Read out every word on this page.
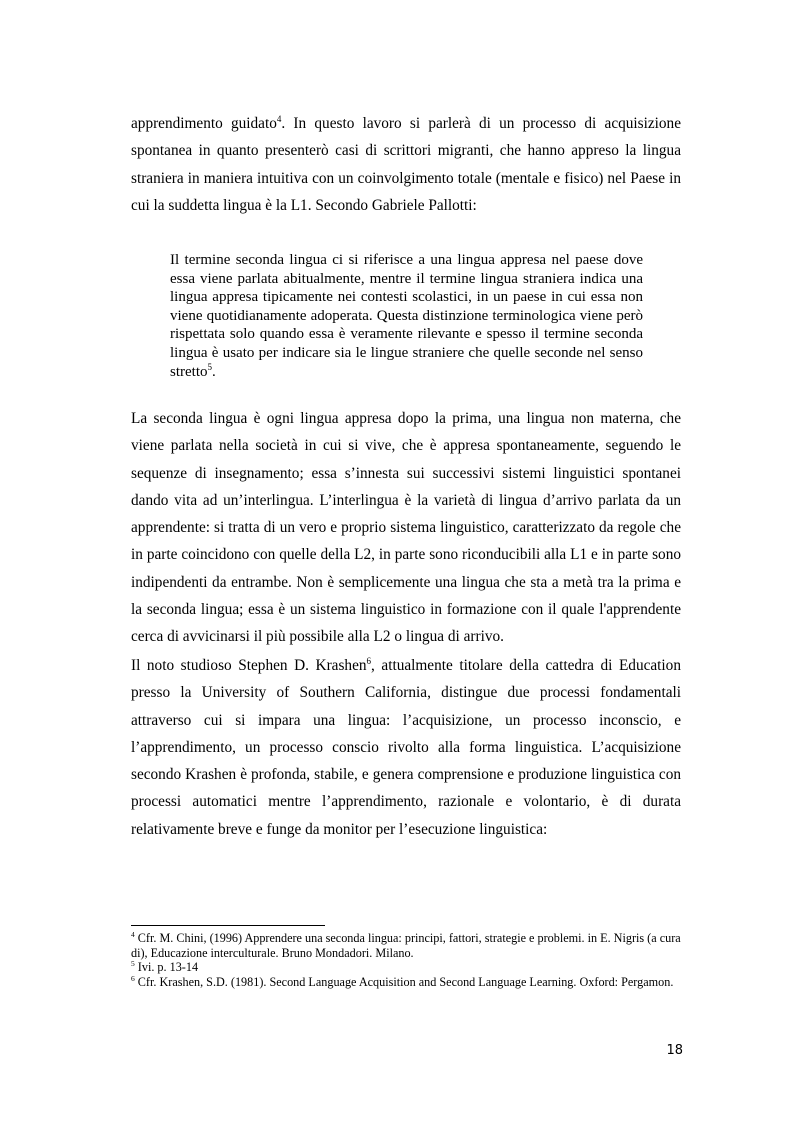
apprendimento guidato$^4$. In questo lavoro si parlerà di un processo di acquisizione spontanea in quanto presenterò casi di scrittori migranti, che hanno appreso la lingua straniera in maniera intuitiva con un coinvolgimento totale (mentale e fisico) nel Paese in cui la suddetta lingua è la L1. Secondo Gabriele Pallotti:

Il termine seconda lingua ci si riferisce a una lingua appresa nel paese dove essa viene parlata abitualmente, mentre il termine lingua straniera indica una lingua appresa tipicamente nei contesti scolastici, in un paese in cui essa non viene quotidianamente adoperata. Questa distinzione terminologica viene però rispettata solo quando essa è veramente rilevante e spesso il termine seconda lingua è usato per indicare sia le lingue straniere che quelle seconde nel senso stretto$^5$.

La seconda lingua è ogni lingua appresa dopo la prima, una lingua non materna, che viene parlata nella società in cui si vive, che è appresa spontaneamente, seguendo le sequenze di insegnamento; essa s’innesta sui successivi sistemi linguistici spontanei dando vita ad un’interlingua. L’interlingua è la varietà di lingua d’arrivo parlata da un apprendente: si tratta di un vero e proprio sistema linguistico, caratterizzato da regole che in parte coincidono con quelle della L2, in parte sono riconducibili alla L1 e in parte sono indipendenti da entrambe. Non è semplicemente una lingua che sta a metà tra la prima e la seconda lingua; essa è un sistema linguistico in formazione con il quale l'apprendente cerca di avvicinarsi il più possibile alla L2 o lingua di arrivo.

Il noto studioso Stephen D. Krashen$^6$, attualmente titolare della cattedra di Education presso la University of Southern California, distingue due processi fondamentali attraverso cui si impara una lingua: l’acquisizione, un processo inconscio, e l’apprendimento, un processo conscio rivolto alla forma linguistica. L’acquisizione secondo Krashen è profonda, stabile, e genera comprensione e produzione linguistica con processi automatici mentre l’apprendimento, razionale e volontario, è di durata relativamente breve e funge da monitor per l’esecuzione linguistica:

$^4$ Cfr. M. Chini, (1996) Apprendere una seconda lingua: principi, fattori, strategie e problemi. in E. Nigris (a cura di), Educazione interculturale. Bruno Mondadori. Milano.

$^5$ Ivi. p. 13-14

$^6$ Cfr. Krashen, S.D. (1981). Second Language Acquisition and Second Language Learning. Oxford: Pergamon.

18
